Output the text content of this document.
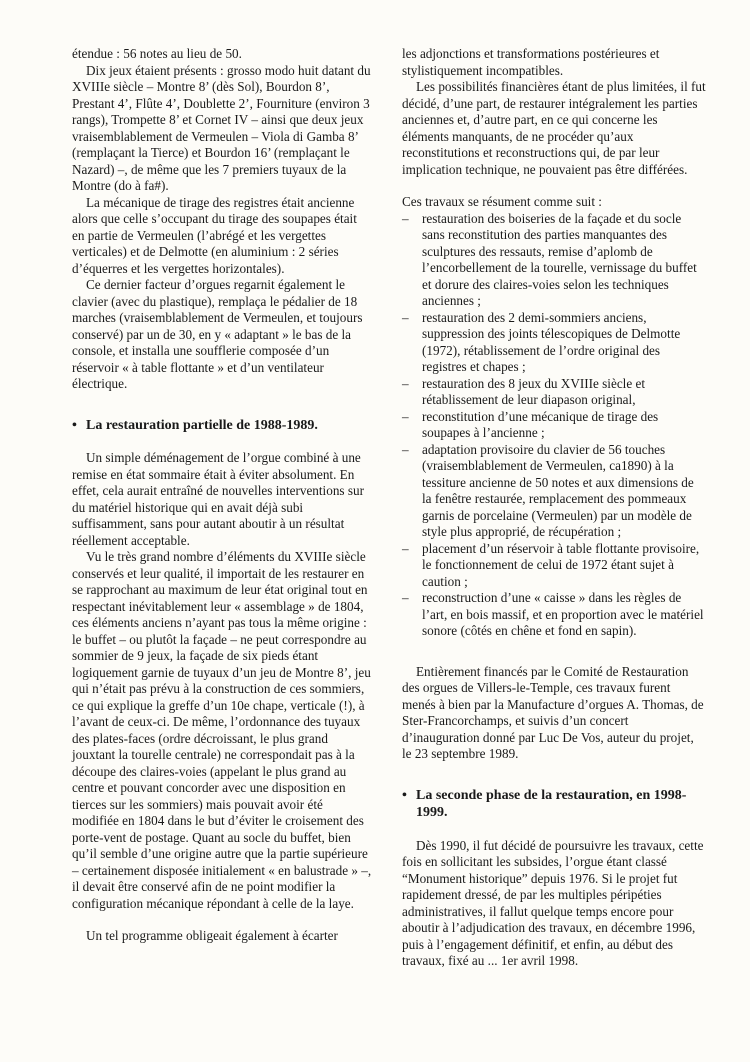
étendue : 56 notes au lieu de 50.

Dix jeux étaient présents : grosso modo huit datant du XVIIIe siècle – Montre 8’ (dès Sol), Bourdon 8’, Prestant 4’, Flûte 4’, Doublette 2’, Fourniture (environ 3 rangs), Trompette 8’ et Cornet IV – ainsi que deux jeux vraisemblablement de Vermeulen – Viola di Gamba 8’ (remplaçant la Tierce) et Bourdon 16’ (remplaçant le Nazard) –, de même que les 7 premiers tuyaux de la Montre (do à fa#).

La mécanique de tirage des registres était ancienne alors que celle s’occupant du tirage des soupapes était en partie de Vermeulen (l’abrégé et les vergettes verticales) et de Delmotte (en aluminium : 2 séries d’équerres et les vergettes horizontales).

Ce dernier facteur d’orgues regarnit également le clavier (avec du plastique), remplaça le pédalier de 18 marches (vraisemblablement de Vermeulen, et toujours conservé) par un de 30, en y « adaptant » le bas de la console, et installa une soufflerie composée d’un réservoir « à table flottante » et d’un ventilateur électrique.

• La restauration partielle de 1988-1989.

Un simple déménagement de l’orgue combiné à une remise en état sommaire était à éviter absolument. En effet, cela aurait entraîné de nouvelles interventions sur du matériel historique qui en avait déjà subi suffisamment, sans pour autant aboutir à un résultat réellement acceptable.

Vu le très grand nombre d’éléments du XVIIIe siècle conservés et leur qualité, il importait de les restaurer en se rapprochant au maximum de leur état original tout en respectant inévitablement leur « assemblage » de 1804, ces éléments anciens n’ayant pas tous la même origine : le buffet – ou plutôt la façade – ne peut correspondre au sommier de 9 jeux, la façade de six pieds étant logiquement garnie de tuyaux d’un jeu de Montre 8’, jeu qui n’était pas prévu à la construction de ces sommiers, ce qui explique la greffe d’un 10e chape, verticale (!), à l’avant de ceux-ci. De même, l’ordonnance des tuyaux des plates-faces (ordre décroissant, le plus grand jouxtant la tourelle centrale) ne correspondait pas à la découpe des claires-voies (appelant le plus grand au centre et pouvant concorder avec une disposition en tierces sur les sommiers) mais pouvait avoir été modifiée en 1804 dans le but d’éviter le croisement des porte-vent de postage. Quant au socle du buffet, bien qu’il semble d’une origine autre que la partie supérieure – certainement disposée initialement « en balustrade » –, il devait être conservé afin de ne point modifier la configuration mécanique répondant à celle de la laye.

Un tel programme obligeait également à écarter

les adjonctions et transformations postérieures et stylistiquement incompatibles.

Les possibilités financières étant de plus limitées, il fut décidé, d’une part, de restaurer intégralement les parties anciennes et, d’autre part, en ce qui concerne les éléments manquants, de ne procéder qu’aux reconstitutions et reconstructions qui, de par leur implication technique, ne pouvaient pas être différées.

Ces travaux se résument comme suit :

– restauration des boiseries de la façade et du socle sans reconstitution des parties manquantes des sculptures des ressauts, remise d’aplomb de l’encorbellement de la tourelle, vernissage du buffet et dorure des claires-voies selon les techniques anciennes ;
– restauration des 2 demi-sommiers anciens, suppression des joints télescopiques de Delmotte (1972), rétablissement de l’ordre original des registres et chapes ;
– restauration des 8 jeux du XVIIIe siècle et rétablissement de leur diapason original,
– reconstitution d’une mécanique de tirage des soupapes à l’ancienne ;
– adaptation provisoire du clavier de 56 touches (vraisemblablement de Vermeulen, ca1890) à la tessiture ancienne de 50 notes et aux dimensions de la fenêtre restaurée, remplacement des pommeaux garnis de porcelaine (Vermeulen) par un modèle de style plus approprié, de récupération ;
– placement d’un réservoir à table flottante provisoire, le fonctionnement de celui de 1972 étant sujet à caution ;
– reconstruction d’une « caisse » dans les règles de l’art, en bois massif, et en proportion avec le matériel sonore (côtés en chêne et fond en sapin).

Entièrement financés par le Comité de Restauration des orgues de Villers-le-Temple, ces travaux furent menés à bien par la Manufacture d’orgues A. Thomas, de Ster-Francorchamps, et suivis d’un concert d’inauguration donné par Luc De Vos, auteur du projet, le 23 septembre 1989.

• La seconde phase de la restauration, en 1998-1999.

Dès 1990, il fut décidé de poursuivre les travaux, cette fois en sollicitant les subsides, l’orgue étant classé “Monument historique” depuis 1976. Si le projet fut rapidement dressé, de par les multiples péripéties administratives, il fallut quelque temps encore pour aboutir à l’adjudication des travaux, en décembre 1996, puis à l’engagement définitif, et enfin, au début des travaux, fixé au ... 1er avril 1998.
